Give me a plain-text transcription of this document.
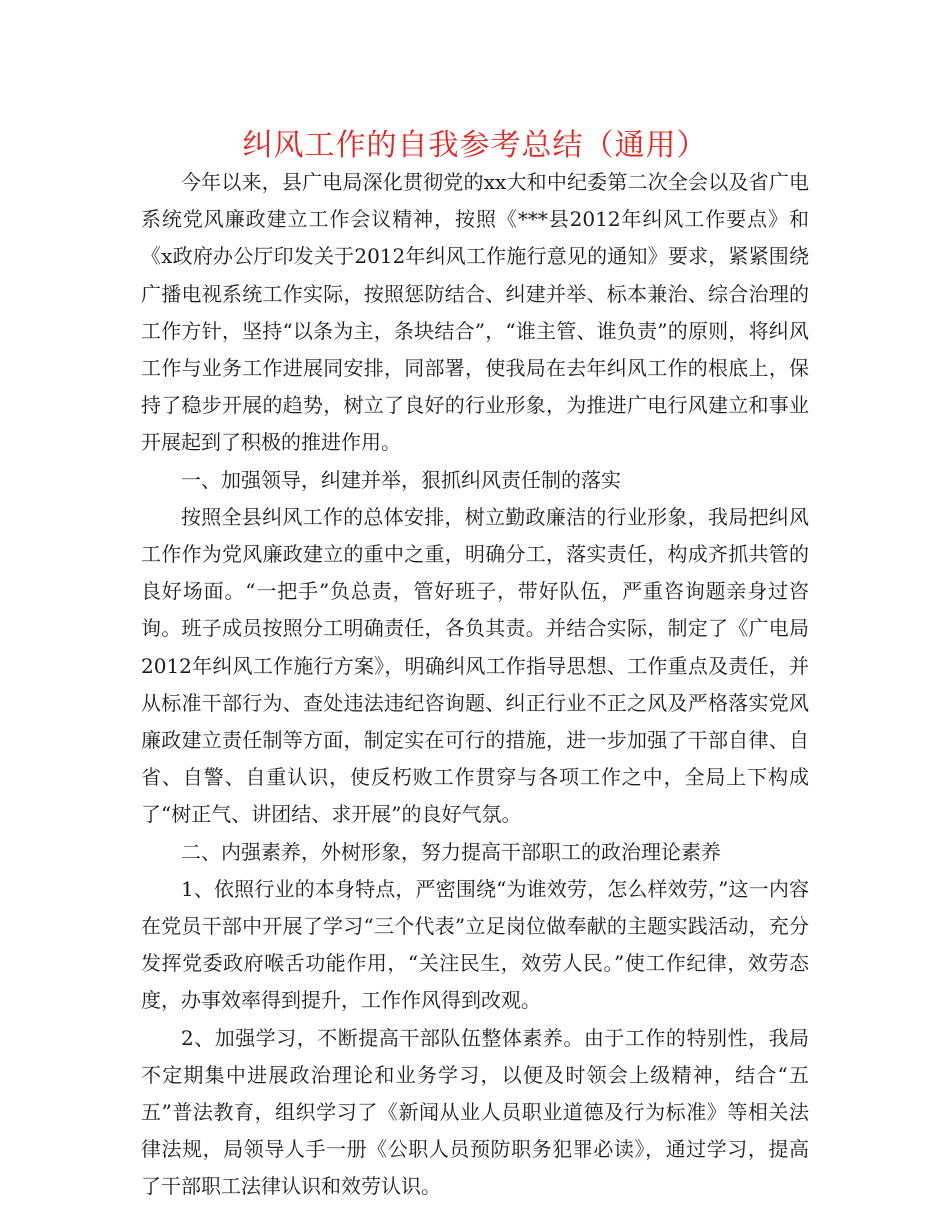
纠风工作的自我参考总结（通用）

今年以来，县广电局深化贯彻党的xx大和中纪委第二次全会以及省广电系统党风廉政建立工作会议精神，按照《***县2012年纠风工作要点》和《x政府办公厅印发关于2012年纠风工作施行意见的通知》要求，紧紧围绕广播电视系统工作实际，按照惩防结合、纠建并举、标本兼治、综合治理的工作方针，坚持“以条为主，条块结合”，“谁主管、谁负责”的原则，将纠风工作与业务工作进展同安排，同部署，使我局在去年纠风工作的根底上，保持了稳步开展的趋势，树立了良好的行业形象，为推进广电行风建立和事业开展起到了积极的推进作用。

一、加强领导，纠建并举，狠抓纠风责任制的落实

按照全县纠风工作的总体安排，树立勤政廉洁的行业形象，我局把纠风工作作为党风廉政建立的重中之重，明确分工，落实责任，构成齐抓共管的良好场面。“一把手”负总责，管好班子，带好队伍，严重咨询题亲身过咨询。班子成员按照分工明确责任，各负其责。并结合实际，制定了《广电局2012年纠风工作施行方案》，明确纠风工作指导思想、工作重点及责任，并从标准干部行为、查处违法违纪咨询题、纠正行业不正之风及严格落实党风廉政建立责任制等方面，制定实在可行的措施，进一步加强了干部自律、自省、自警、自重认识，使反朽败工作贯穿与各项工作之中，全局上下构成了“树正气、讲团结、求开展”的良好气氛。

二、内强素养，外树形象，努力提高干部职工的政治理论素养

1、依照行业的本身特点，严密围绕“为谁效劳，怎么样效劳，”这一内容在党员干部中开展了学习“三个代表”立足岗位做奉献的主题实践活动，充分发挥党委政府喉舌功能作用，“关注民生，效劳人民。”使工作纪律，效劳态度，办事效率得到提升，工作作风得到改观。

2、加强学习，不断提高干部队伍整体素养。由于工作的特别性，我局不定期集中进展政治理论和业务学习，以便及时领会上级精神，结合“五五”普法教育，组织学习了《新闻从业人员职业道德及行为标准》等相关法律法规，局领导人手一册《公职人员预防职务犯罪必读》，通过学习，提高了干部职工法律认识和效劳认识。
